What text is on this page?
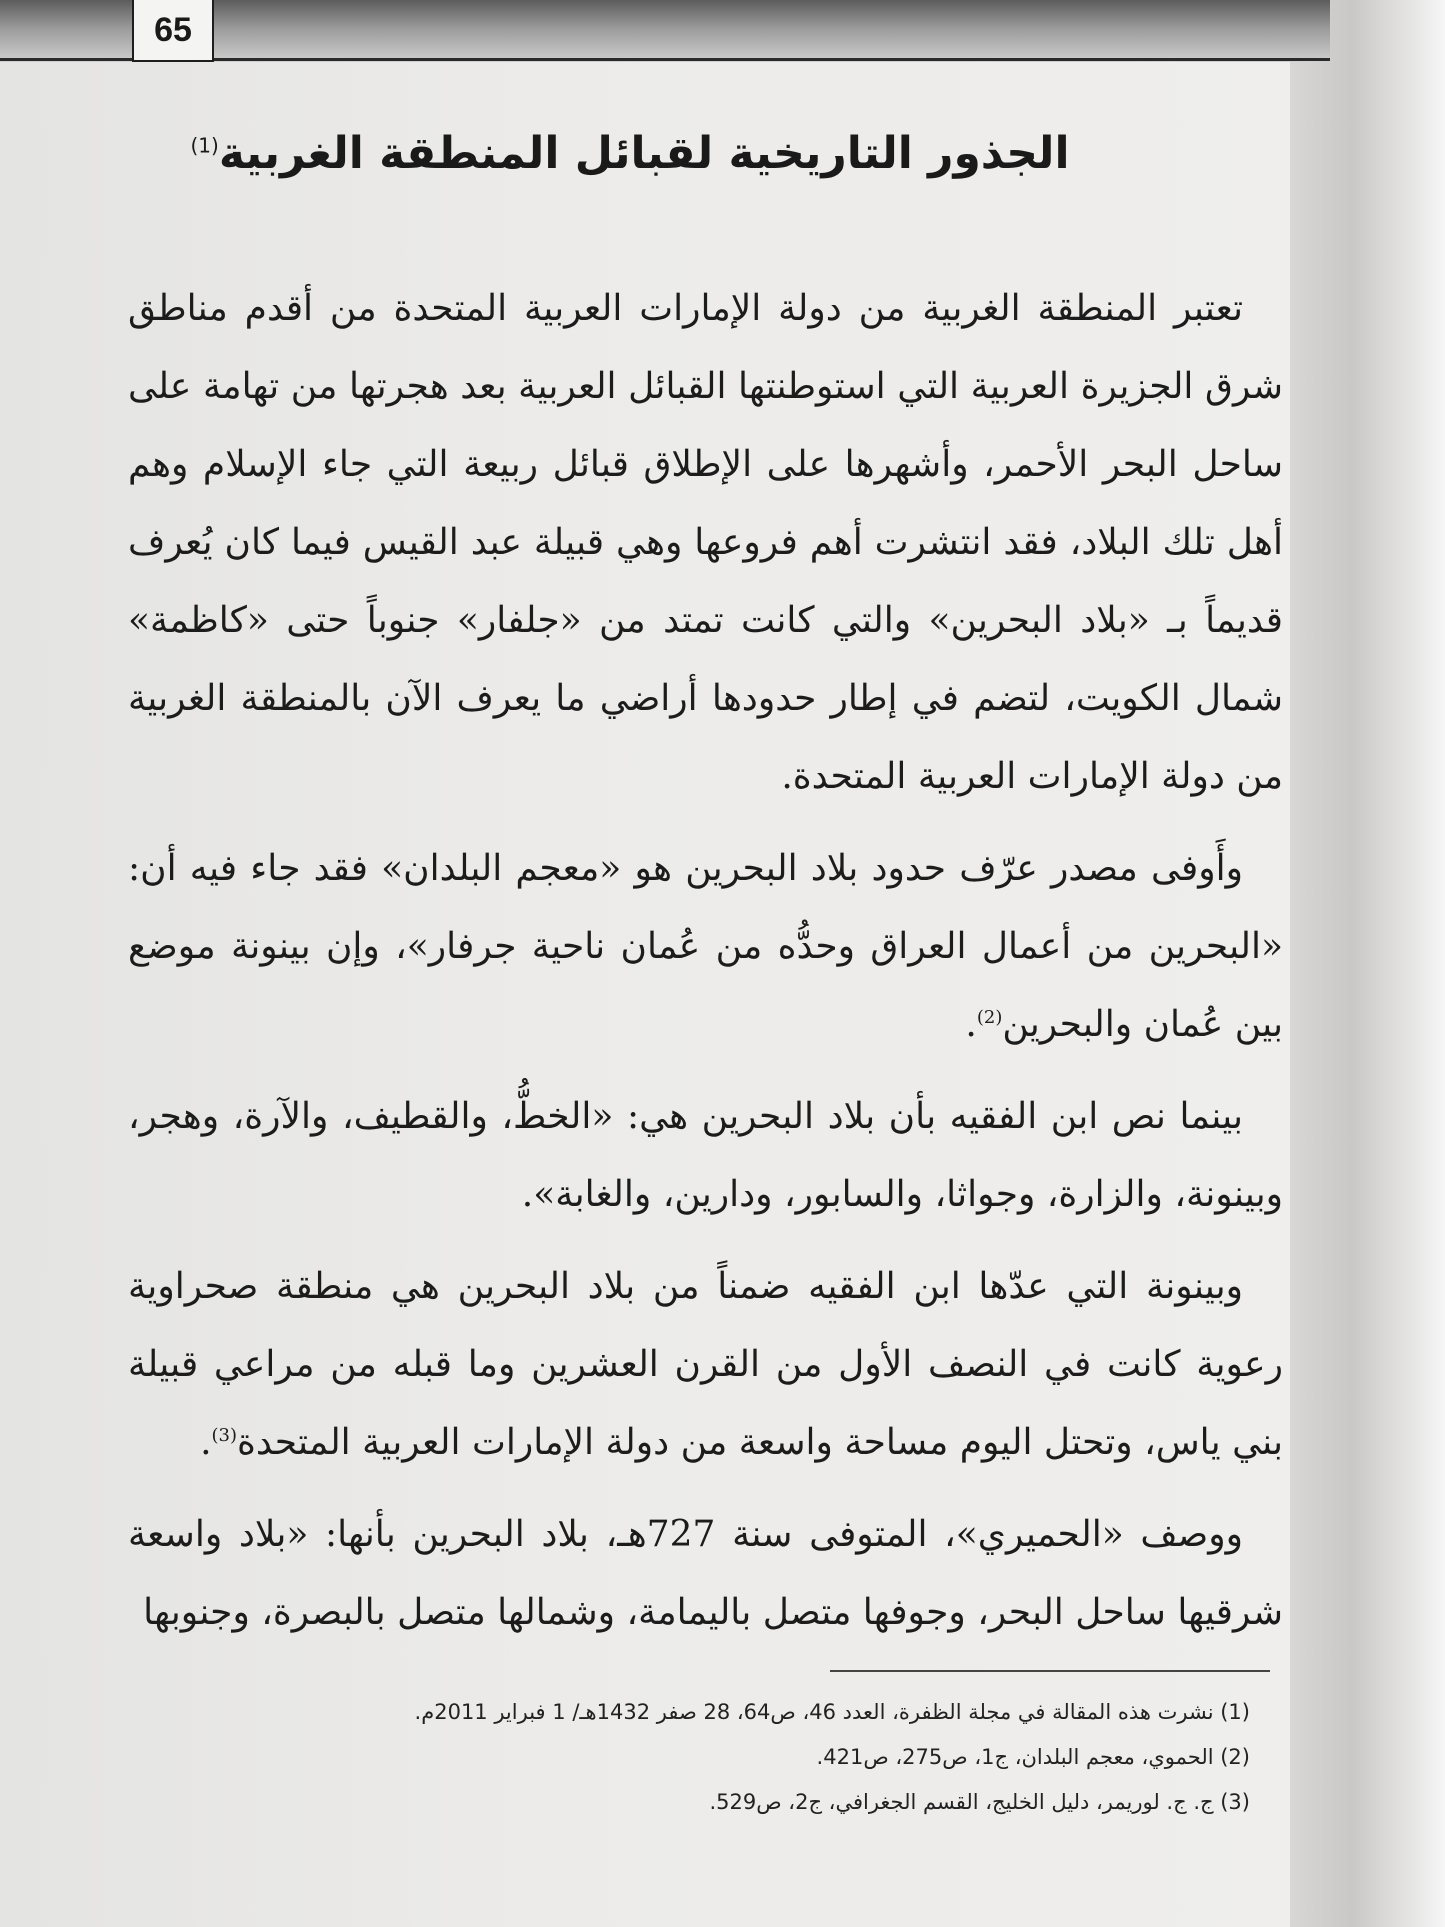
65
الجذور التاريخية لقبائل المنطقة الغربية$^{(1)}$

تعتبر المنطقة الغربية من دولة الإمارات العربية المتحدة من أقدم مناطق شرق الجزيرة العربية التي استوطنتها القبائل العربية بعد هجرتها من تهامة على ساحل البحر الأحمر، وأشهرها على الإطلاق قبائل ربيعة التي جاء الإسلام وهم أهل تلك البلاد، فقد انتشرت أهم فروعها وهي قبيلة عبد القيس فيما كان يُعرف قديماً بـ «بلاد البحرين» والتي كانت تمتد من «جلفار» جنوباً حتى «كاظمة» شمال الكويت، لتضم في إطار حدودها أراضي ما يعرف الآن بالمنطقة الغربية من دولة الإمارات العربية المتحدة.

وأَوفى مصدر عرّف حدود بلاد البحرين هو «معجم البلدان» فقد جاء فيه أن: «البحرين من أعمال العراق وحدُّه من عُمان ناحية جرفار»، وإن بينونة موضع بين عُمان والبحرين$^{(2)}$.

بينما نص ابن الفقيه بأن بلاد البحرين هي: «الخطُّ، والقطيف، والآرة، وهجر، وبينونة، والزارة، وجواثا، والسابور، ودارين، والغابة».

وبينونة التي عدّها ابن الفقيه ضمناً من بلاد البحرين هي منطقة صحراوية رعوية كانت في النصف الأول من القرن العشرين وما قبله من مراعي قبيلة بني ياس، وتحتل اليوم مساحة واسعة من دولة الإمارات العربية المتحدة$^{(3)}$.

ووصف «الحميري»، المتوفى سنة 727هـ، بلاد البحرين بأنها: «بلاد واسعة شرقيها ساحل البحر، وجوفها متصل باليمامة، وشمالها متصل بالبصرة، وجنوبها

(1) نشرت هذه المقالة في مجلة الظفرة، العدد 46، ص64، 28 صفر 1432هـ/ 1 فبراير 2011م.
(2) الحموي، معجم البلدان، ج1، ص275، ص421.
(3) ج. ج. لوريمر، دليل الخليج، القسم الجغرافي، ج2، ص529.
